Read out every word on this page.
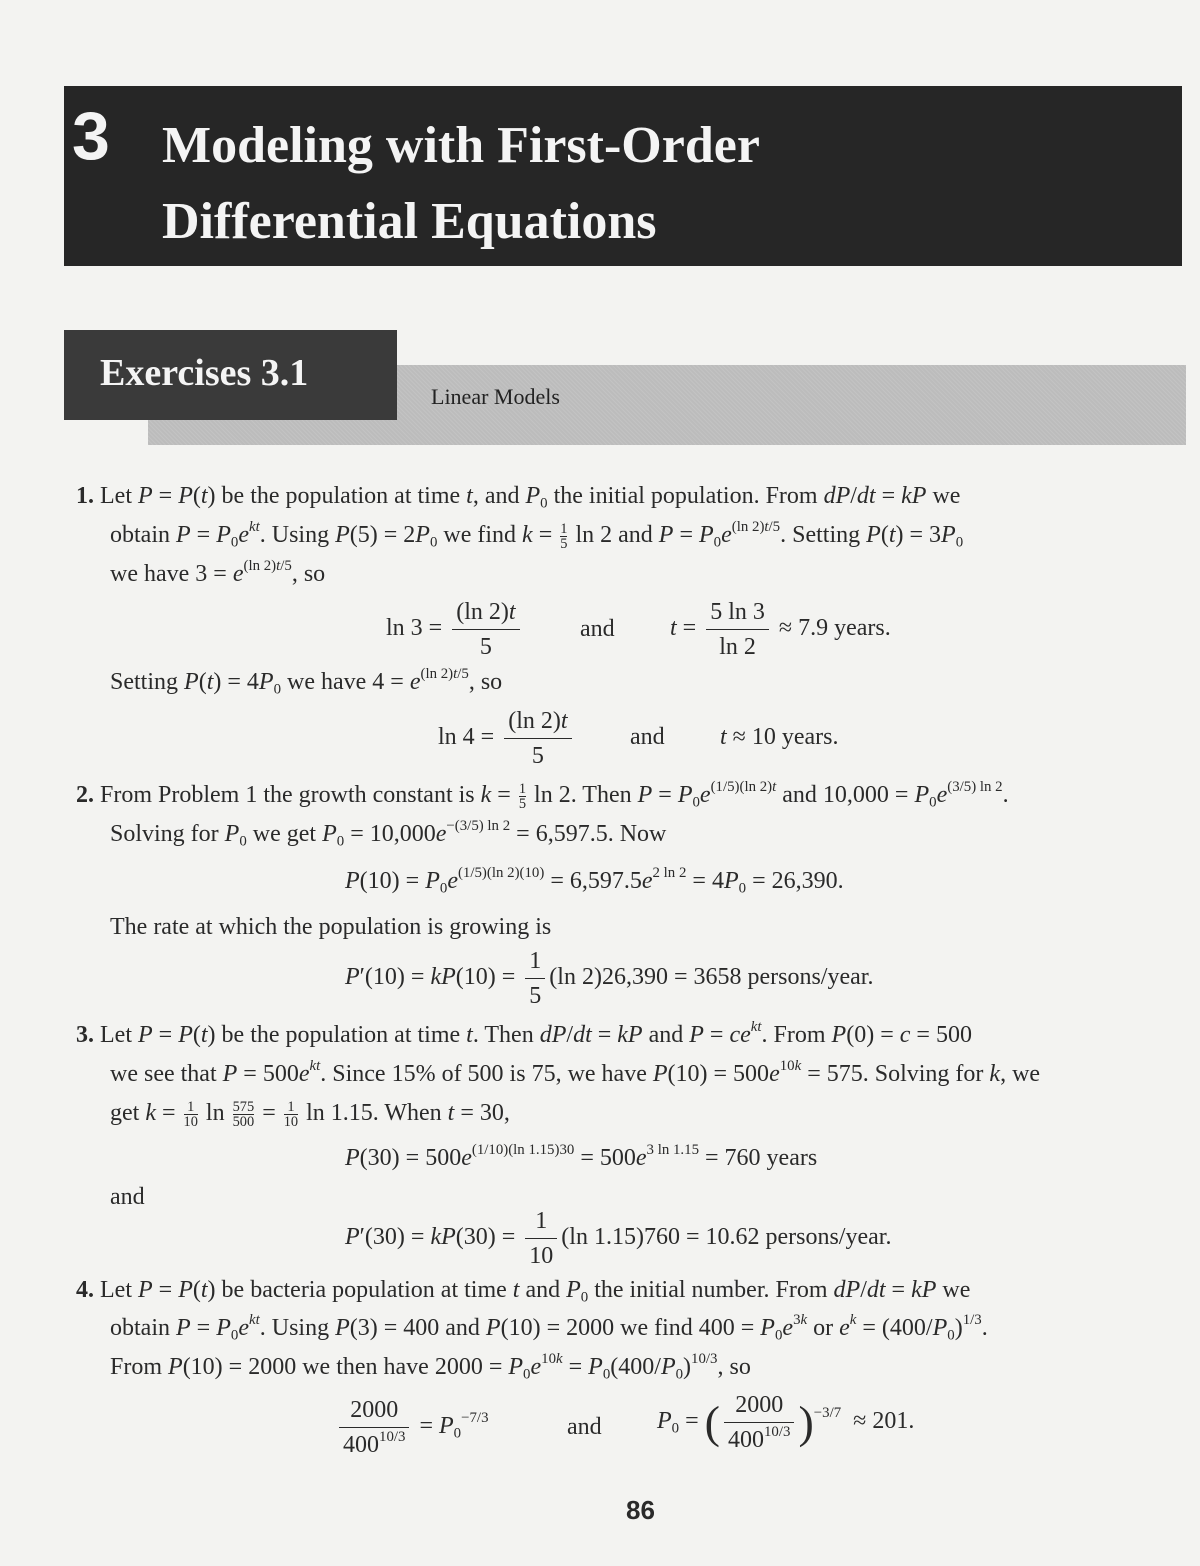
3 Modeling with First-Order
Differential Equations
Exercises 3.1
Linear Models
1. Let P = P(t) be the population at time t, and $P_0$ the initial population. From dP/dt = kP we
obtain $P = P_0e^{kt}$. Using $P(5) = 2P_0$ we find $k = \frac{1}{5}$ ln 2 and $P = P_0e^{(ln 2)t/5}$. Setting $P(t) = 3P_0$
we have $3 = e^{(ln 2)t/5}$, so
$\ln 3 = \frac{(\ln 2)t}{5}$	and $t = \frac{5 \ln 3}{\ln 2} \approx 7.9$ years.
Setting $P(t) = 4P_0$ we have $4 = e^{(ln 2)t/5}$, so
$\ln 4 = \frac{(\ln 2)t}{5}$ and t ≈ 10 years.
2. From Problem 1 the growth constant is $k = \frac{1}{5}$ ln 2. Then $P = P_0e^{(1/5)(ln 2)t}$ and $10,000 = P_0e^{(3/5) ln 2}$.
Solving for $P_0$ we get $P_0 = 10,000e^{-(3/5) ln 2} = 6,597.5$. Now
$P(10) = P_0e^{(1/5)(ln 2)(10)} = 6,597.5e^{2 ln 2} = 4P_0 = 26,390$.
The rate at which the population is growing is
$P'(10) = kP(10) = \frac{1}{5} (\ln$ 2)26,390 = 3658 persons/year.
3. Let P = P(t) be the population at time t. Then dP/dt = kP and $P = ce^{kt}$. From P(0) = c = 500
we see that $P = 500e^{kt}$. Since 15% of 500 is 75, we have $P(10) = 500e^{10k} = 575$. Solving for k, we
get $k = \frac{1}{10}$ $\ln \frac{575}{500} = \frac{1}{10}$ ln 1.15. When t = 30,
$P(30) = 500e^{(1/10)(ln 1.15)30} = 500e^{3 ln 1.15} = 760$ years
and
$P'(30) = kP(30) = \frac{1}{10} (\ln$ 1.15)760 = 10.62 persons/year.
4. Let P = P(t) be bacteria population at time t and $P_0$ the initial number. From dP/dt = kP we
obtain $P = P_0e^{kt}$. Using P(3) = 400 and P(10) = 2000 we find $400 = P_0e^{3k}$ or $e^k = (400/P_0)^{1/3}$.
From P(10) = 2000 we then have $2000 = P_0e^{10k} = P_0(400/P_0)^{10/3}$, so
$\frac{2000}{400^{10/3}} = P_0^{-7/3}$	and $P_0$ = ( $\frac{2000}{400^{10/3}} )^{-3/7} \approx 201$.
86
